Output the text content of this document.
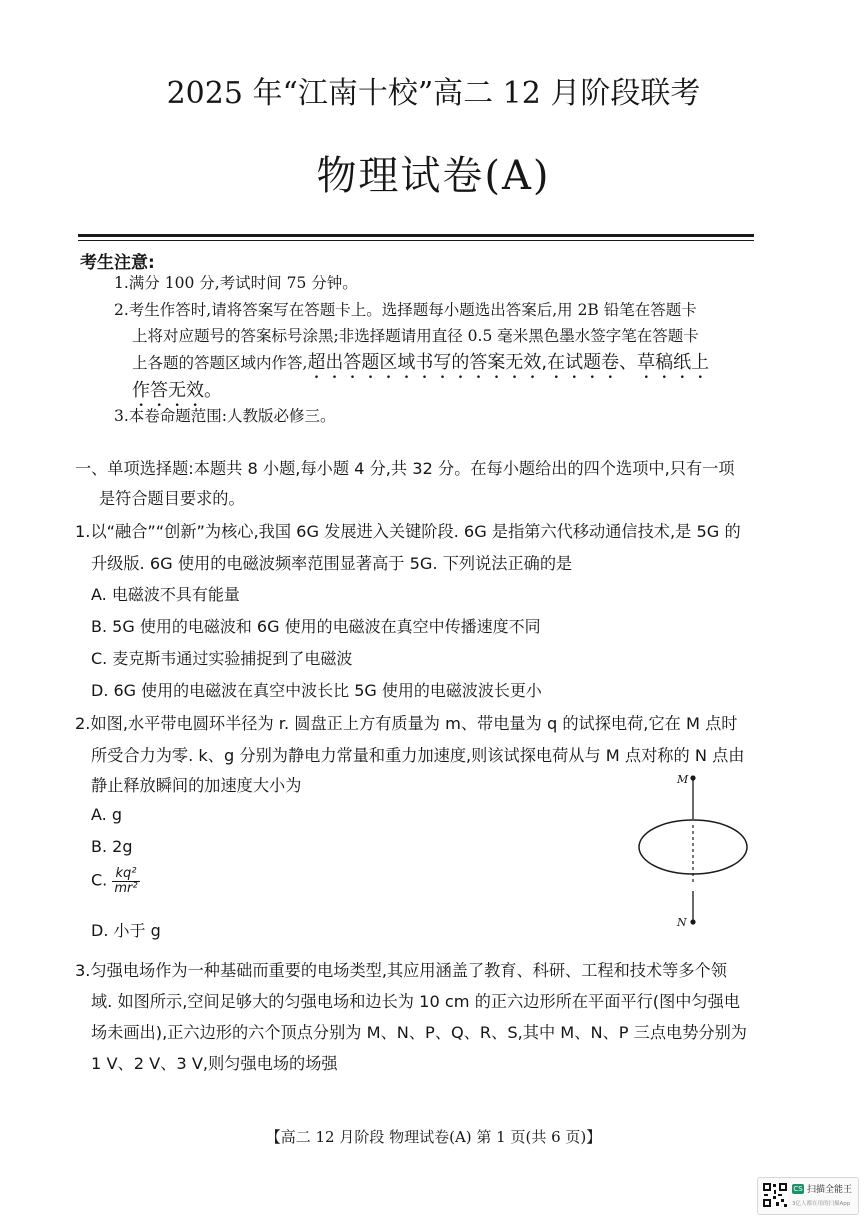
2025 年“江南十校”高二 12 月阶段联考
物理试卷(A)
考生注意:
1.满分 100 分,考试时间 75 分钟。
2.考生作答时,请将答案写在答题卡上。选择题每小题选出答案后,用 2B 铅笔在答题卡
上将对应题号的答案标号涂黑;非选择题请用直径 0.5 毫米黑色墨水签字笔在答题卡
上各题的答题区域内作答,超出答题区域书写的答案无效,在试题卷、草稿纸上
作答无效。
3.本卷命题范围:人教版必修三。
一、单项选择题:本题共 8 小题,每小题 4 分,共 32 分。在每小题给出的四个选项中,只有一项
是符合题目要求的。
1.以“融合”“创新”为核心,我国 6G 发展进入关键阶段. 6G 是指第六代移动通信技术,是 5G 的
升级版. 6G 使用的电磁波频率范围显著高于 5G. 下列说法正确的是
A. 电磁波不具有能量
B. 5G 使用的电磁波和 6G 使用的电磁波在真空中传播速度不同
C. 麦克斯韦通过实验捕捉到了电磁波
D. 6G 使用的电磁波在真空中波长比 5G 使用的电磁波波长更小
2.如图,水平带电圆环半径为 r. 圆盘正上方有质量为 m、带电量为 q 的试探电荷,它在 M 点时
所受合力为零. k、g 分别为静电力常量和重力加速度,则该试探电荷从与 M 点对称的 N 点由
静止释放瞬间的加速度大小为
A. g
B. 2g
C. $\frac{\text{kq²}}{\text{mr²}}$
D. 小于 g
M
N
3.匀强电场作为一种基础而重要的电场类型,其应用涵盖了教育、科研、工程和技术等多个领
域. 如图所示,空间足够大的匀强电场和边长为 10 cm 的正六边形所在平面平行(图中匀强电
场未画出),正六边形的六个顶点分别为 M、N、P、Q、R、S,其中 M、N、P 三点电势分别为
1 V、2 V、3 V,则匀强电场的场强
【高二 12 月阶段 物理试卷(A) 第 1 页(共 6 页)】
CS 扫描全能王
3亿人都在用的扫描App
